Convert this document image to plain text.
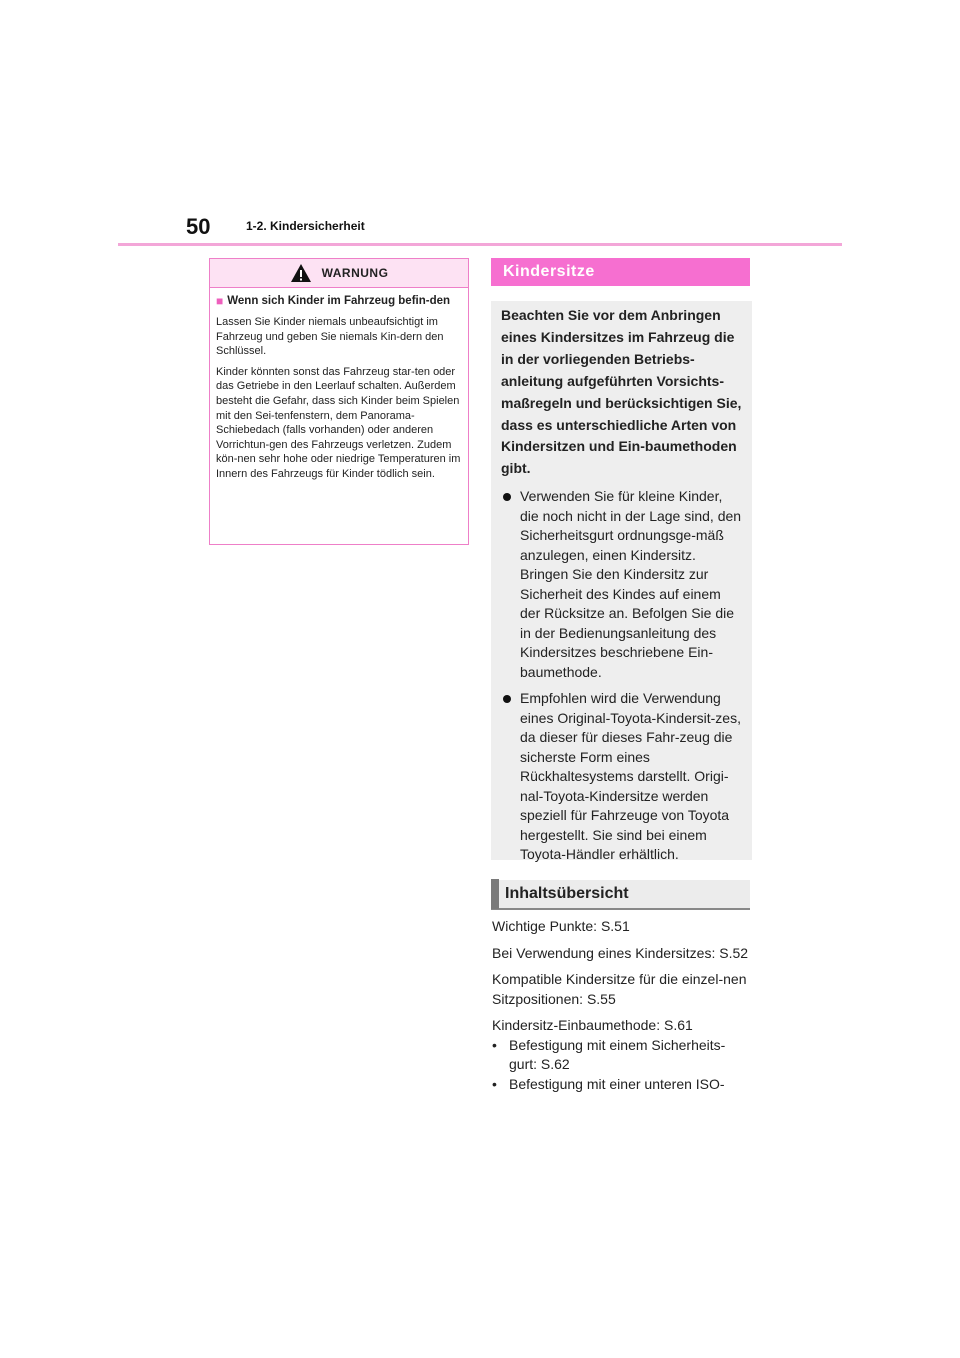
50	1-2. Kindersicherheit
WARNUNG
■ Wenn sich Kinder im Fahrzeug befin-den

Lassen Sie Kinder niemals unbeaufsichtigt im Fahrzeug und geben Sie niemals Kin-dern den Schlüssel.

Kinder könnten sonst das Fahrzeug star-ten oder das Getriebe in den Leerlauf schalten. Außerdem besteht die Gefahr, dass sich Kinder beim Spielen mit den Sei-tenfenstern, dem Panorama-Schiebedach (falls vorhanden) oder anderen Vorrichtun-gen des Fahrzeugs verletzen. Zudem kön-nen sehr hohe oder niedrige Temperaturen im Innern des Fahrzeugs für Kinder tödlich sein.

Kindersitze

Beachten Sie vor dem Anbringen eines Kindersitzes im Fahrzeug die in der vorliegenden Betriebs-anleitung aufgeführten Vorsichts-maßregeln und berücksichtigen Sie, dass es unterschiedliche Arten von Kindersitzen und Ein-baumethoden gibt.

Verwenden Sie für kleine Kinder, die noch nicht in der Lage sind, den Sicherheitsgurt ordnungsge-mäß anzulegen, einen Kindersitz. Bringen Sie den Kindersitz zur Sicherheit des Kindes auf einem der Rücksitze an. Befolgen Sie die in der Bedienungsanleitung des Kindersitzes beschriebene Ein-baumethode.
Empfohlen wird die Verwendung eines Original-Toyota-Kindersit-zes, da dieser für dieses Fahr-zeug die sicherste Form eines Rückhaltesystems darstellt. Origi-nal-Toyota-Kindersitze werden speziell für Fahrzeuge von Toyota hergestellt. Sie sind bei einem Toyota-Händler erhältlich.
Inhaltsübersicht
Wichtige Punkte: S.51
Bei Verwendung eines Kindersitzes: S.52
Kompatible Kindersitze für die einzel-nen Sitzpositionen: S.55
Kindersitz-Einbaumethode: S.61
• Befestigung mit einem Sicherheits-gurt: S.62
• Befestigung mit einer unteren ISO-
